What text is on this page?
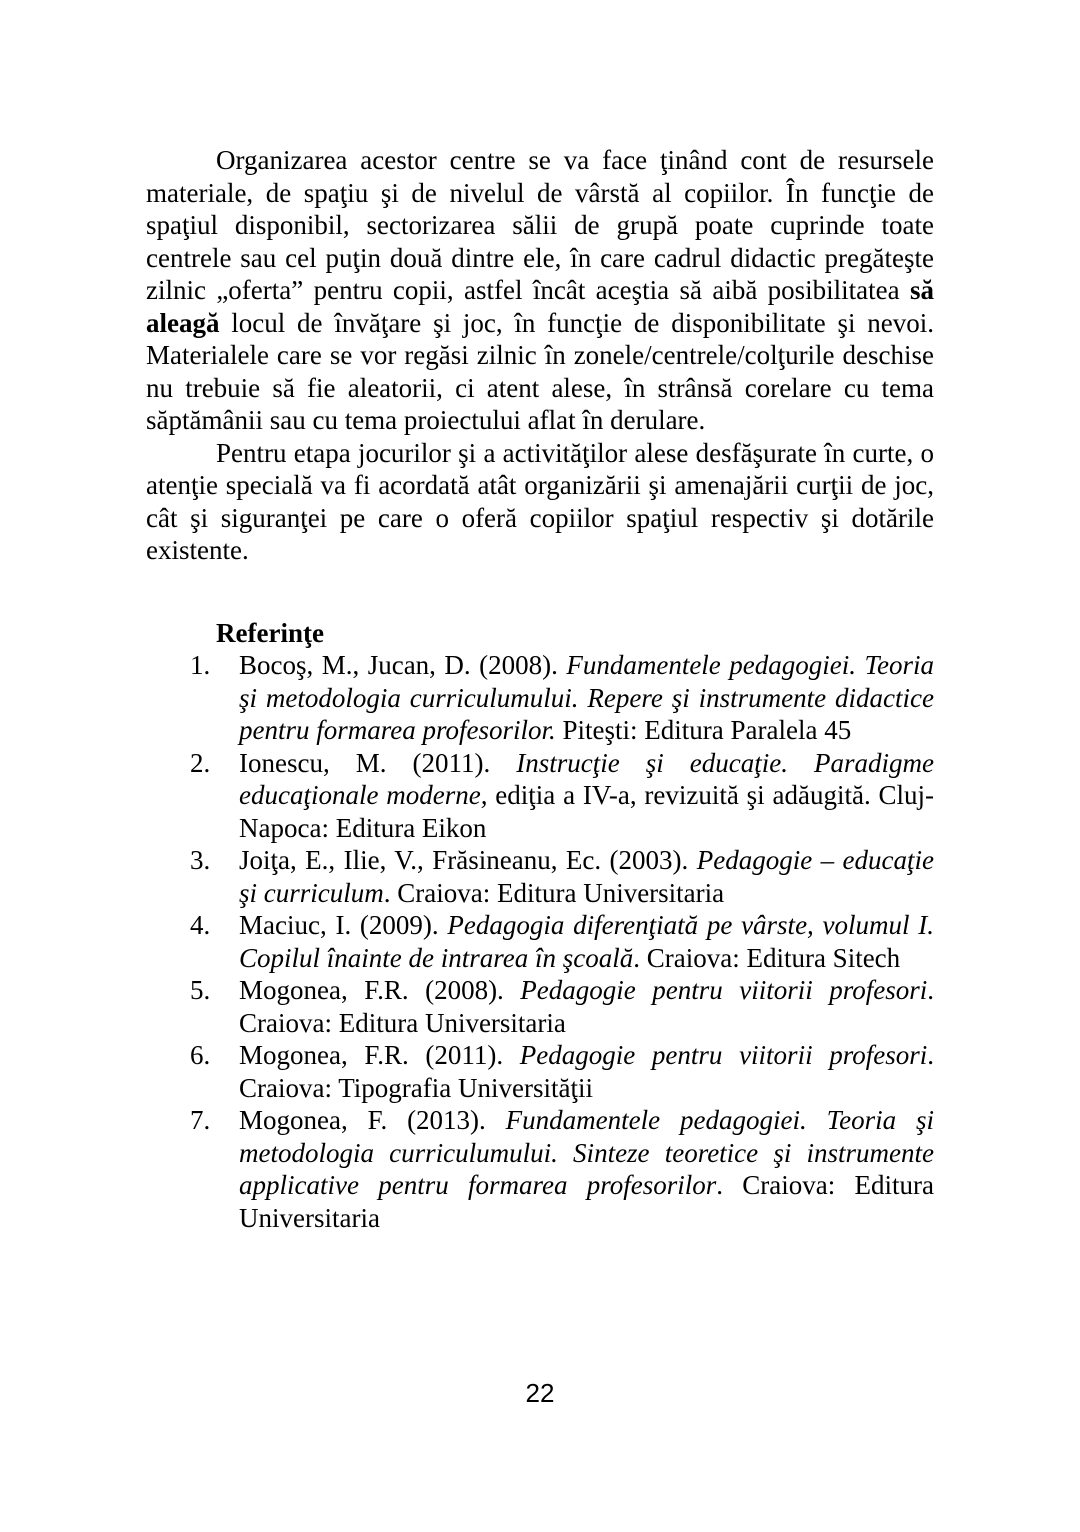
Organizarea acestor centre se va face ţinând cont de resursele materiale, de spaţiu şi de nivelul de vârstă al copiilor. În funcţie de spaţiul disponibil, sectorizarea sălii de grupă poate cuprinde toate centrele sau cel puţin două dintre ele, în care cadrul didactic pregăteşte zilnic „oferta” pentru copii, astfel încât aceştia să aibă posibilitatea să aleagă locul de învăţare şi joc, în funcţie de disponibilitate şi nevoi. Materialele care se vor regăsi zilnic în zonele/centrele/colţurile deschise nu trebuie să fie aleatorii, ci atent alese, în strânsă corelare cu tema săptămânii sau cu tema proiectului aflat în derulare.

Pentru etapa jocurilor şi a activităţilor alese desfăşurate în curte, o atenţie specială va fi acordată atât organizării şi amenajării curţii de joc, cât şi siguranţei pe care o oferă copiilor spaţiul respectiv şi dotările existente.

Referinţe
1. Bocoş, M., Jucan, D. (2008). Fundamentele pedagogiei. Teoria şi metodologia curriculumului. Repere şi instrumente didactice pentru formarea profesorilor. Piteşti: Editura Paralela 45
2. Ionescu, M. (2011). Instrucţie şi educaţie. Paradigme educaţionale moderne, ediţia a IV-a, revizuită şi adăugită. Cluj-Napoca: Editura Eikon
3. Joiţa, E., Ilie, V., Frăsineanu, Ec. (2003). Pedagogie – educaţie şi curriculum. Craiova: Editura Universitaria
4. Maciuc, I. (2009). Pedagogia diferenţiată pe vârste, volumul I. Copilul înainte de intrarea în şcoală. Craiova: Editura Sitech
5. Mogonea, F.R. (2008). Pedagogie pentru viitorii profesori. Craiova: Editura Universitaria
6. Mogonea, F.R. (2011). Pedagogie pentru viitorii profesori. Craiova: Tipografia Universităţii
7. Mogonea, F. (2013). Fundamentele pedagogiei. Teoria şi metodologia curriculumului. Sinteze teoretice şi instrumente applicative pentru formarea profesorilor. Craiova: Editura Universitaria
22
